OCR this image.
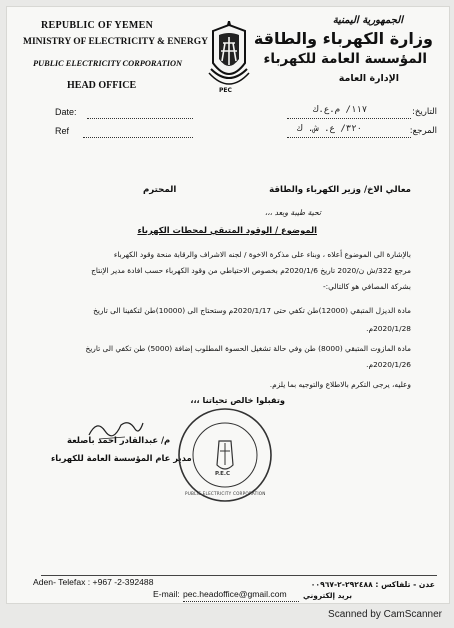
REPUBLIC OF YEMEN
MINISTRY OF ELECTRICITY & ENERGY
PUBLIC ELECTRICITY CORPORATION
HEAD OFFICE	PEC
الجمهورية اليمنية
وزارة الكهرباء والطاقة
المؤسسة العامة للكهرباء
الإدارة العامة
Date:
Ref
التاريخ:
١١٧/ م.ع.ك
المرجع:
٣٢٠/ ع. ش. ك
معالي الاخ/ وزير الكهرباء والطاقة
المحترم
تحية طيبة وبعد ،،،
الموضوع / الوقود المتبقي لمحطات الكهرباء
بالإشارة الى الموضوع أعلاه ، وبناء على مذكرة الاخوة / لجنه الاشراف والرقابة منحة وقود الكهرباء
مرجع 322/ش ن/2020 تاريخ 2020/1/6م بخصوص الاحتياطي من وقود الكهرباء حسب افادة مدير الإنتاج
بشركة المصافي هو كالتالي:-
مادة الديزل المتبقي (12000)طن تكفي حتى 2020/1/17م وستحتاج الى (10000)طن لتكفينا الى تاريخ
2020/1/28م.
مادة المازوت المتبقي (8000) طن وفي حالة تشغيل الحسوة المطلوب إضافة (5000) طن تكفي الى تاريخ
2020/1/26م.
وعليه، يرجى التكرم بالاطلاع والتوجيه بما يلزم.
وتقبلوا خالص تحياتنا ،،،
م/ عبدالقادر احمد باصلعة
مدير عام المؤسسة العامة للكهرباء
P.E.C
PUBLIC ELECTRICITY CORPORATION
Aden- Telefax : +967 -2-392488	عدن - تلفاكس : ٢٩٢٤٨٨-٢-٠٠٩٦٧
E-mail: pec.headoffice@gmail.com بريد إلكتروني
Scanned by CamScanner
